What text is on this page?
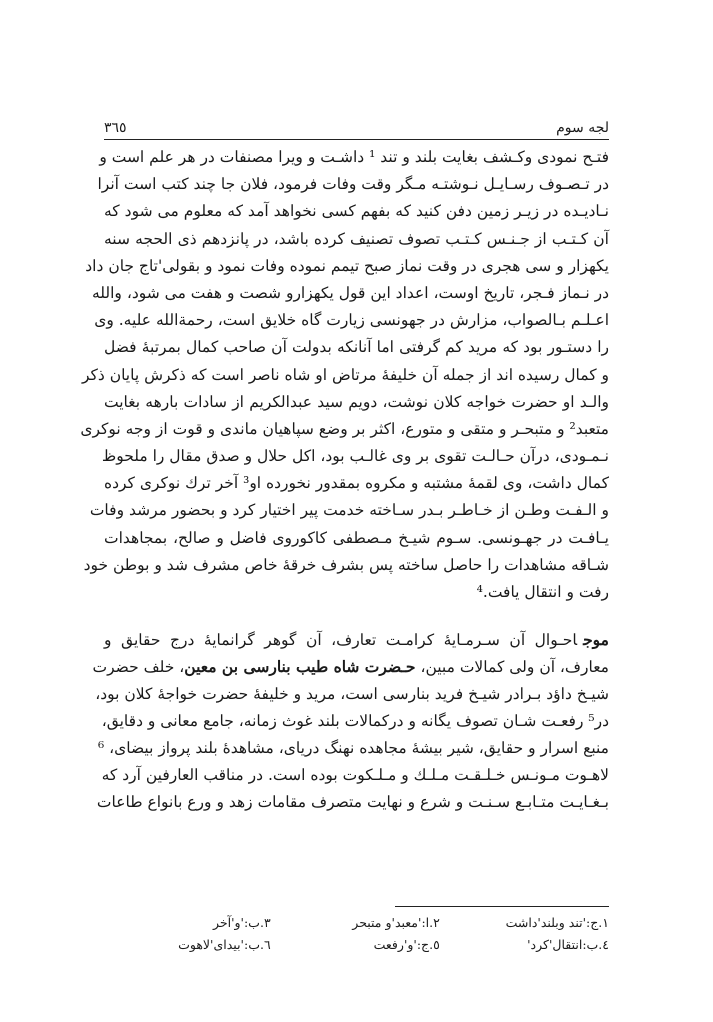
لجه سوم
۳٦٥
فتـح نمودی وکـشف بغایت بلند و تند ¹ داشـت و ویرا مصنفات در هر علم است و
در تـصـوف رسـایـل نـوشتـه مـگر وقت وفات فرمود، فلان جا چند کتب است آنرا
نـادیـده در زیـر زمین دفن کنید که بفهم کسی نخواهد آمد که معلوم می شود که
آن کـتـب از جـنـس کـتـب تصوف تصنیف کرده باشد، در پانزدهم ذی الحجه سنه
یکهزار و سی هجری در وقت نماز صبح تیمم نموده وفات نمود و بقولی'تاج جان داد
در نـماز فـجر، تاریخ اوست، اعداد این قول یکهزارو شصت و هفت می شود، والله
اعـلـم بـالصواب، مزارش در جهونسی زیارت گاه خلایق است، رحمةالله علیه. وی
را دستـور بود که مرید کم گرفتی اما آنانکه بدولت آن صاحب کمال بمرتبهٔ فضل
و کمال رسیده اند از جمله آن خلیفهٔ مرتاض او شاه ناصر است که ذکرش پایان ذکر
والـد او حضرت خواجه کلان نوشت، دویم سید عبدالکریم از سادات بارهه بغایت
متعبد² و متبحـر و متقی و متورع، اکثر بر وضع سپاهیان ماندی و قوت از وجه نوکری
نـمـودی، درآن حـالـت تقوی بر وی غالـب بود، اکل حلال و صدق مقال را ملحوظ
کمال داشت، وی لقمهٔ مشتبه و مکروه بمقدور نخورده او³ آخر ترك نوکری کرده
و الـفـت وطـن از خـاطـر بـدر سـاخته خدمت پیر اختیار کرد و بحضور مرشد وفات
یـافـت در جهـونسی. سـوم شیـخ مـصطفی کاکوروی فاضل و صالح، بمجاهدات
شـاقه مشاهدات را حاصل ساخته پس بشرف خرقهٔ خاص مشرف شد و بوطن خود
رفت و انتقال یافت.⁴
موجاحـوال آن سـرمـایهٔ کرامـت تعارف، آن گوهر گرانمایهٔ درج حقایق و
معارف، آن ولی کمالات مبین، حـضرت شاه طیب بنارسی بن معین، خلف حضرت
شیـخ داؤد بـرادر شیـخ فرید بنارسی است، مرید و خلیفهٔ حضرت خواجهٔ کلان بود،
در⁵ رفعـت شـان تصوف یگانه و درکمالات بلند غوث زمانه، جامع معانی و دقایق،
منبع اسرار و حقایق، شیر بیشهٔ مجاهده نهنگ دریای، مشاهدهٔ بلند پرواز بیضای، ⁶
لاهـوت مـونـس خـلـقـت مـلـك و مـلـکوت بوده است. در مناقب العارفین آرد که
بـغـایـت متـابـع سـنـت و شرع و نهایت متصرف مقامات زهد و ورع بانواع طاعات
١.ج:'تند وبلند'داشت
٢.ا:'معبد'و متبحر
٣.ب:'و'آخر
٤.ب:انتقال'کرد'
٥.ج:'و'رفعت
٦.ب:'بیدای'لاهوت
